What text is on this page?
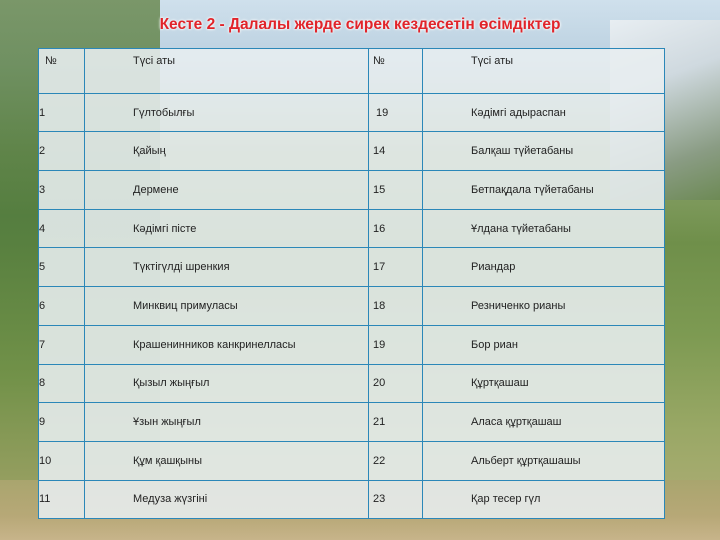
Кесте 2 - Далалы жерде сирек кездесетін өсімдіктер
№	Түсі аты	№	Түсі аты
1	Гүлтобылғы	19	Кәдімгі адыраспан
2	Қайың	14	Балқаш түйетабаны
3	Дермене	15	Бетпақдала түйетабаны
4	Кәдімгі пісте	16	Ұлдана түйетабаны
5	Түктігүлді шренкия	17	Риандар
6	Минквиц примуласы	18	Резниченко рианы
7	Крашенинников канкринелласы	19	Бор риан
8	Қызыл жыңғыл	20	Құртқашаш
9	Ұзын жыңғыл	21	Аласа құртқашаш
10	Құм қашқыны	22	Альберт құртқашашы
11	Медуза жүзгіні	23	Қар тесер гүл
